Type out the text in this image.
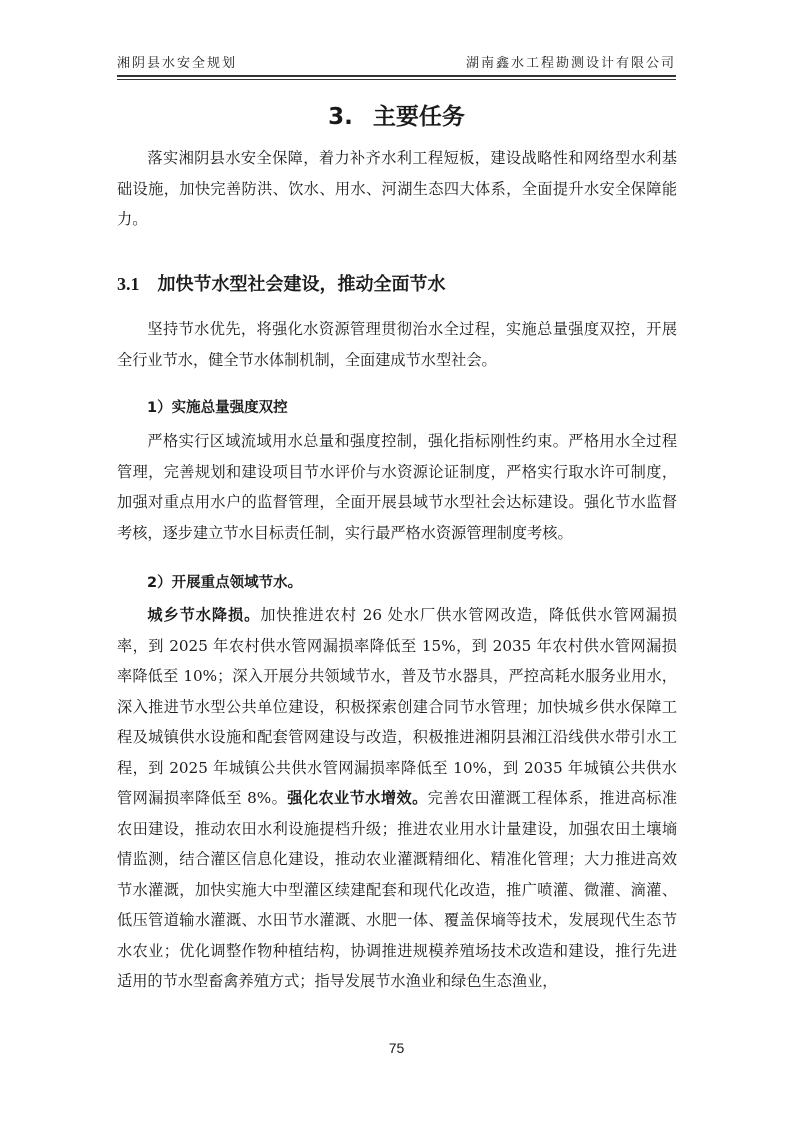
湘阴县水安全规划	湖南鑫水工程勘测设计有限公司
3. 主要任务

落实湘阴县水安全保障，着力补齐水利工程短板，建设战略性和网络型水利基础设施，加快完善防洪、饮水、用水、河湖生态四大体系，全面提升水安全保障能力。

3.1 加快节水型社会建设，推动全面节水

坚持节水优先，将强化水资源管理贯彻治水全过程，实施总量强度双控，开展全行业节水，健全节水体制机制，全面建成节水型社会。

1）实施总量强度双控

严格实行区域流域用水总量和强度控制，强化指标刚性约束。严格用水全过程管理，完善规划和建设项目节水评价与水资源论证制度，严格实行取水许可制度，加强对重点用水户的监督管理，全面开展县域节水型社会达标建设。强化节水监督考核，逐步建立节水目标责任制，实行最严格水资源管理制度考核。

2）开展重点领域节水。

城乡节水降损。加快推进农村 26 处水厂供水管网改造，降低供水管网漏损率，到 2025 年农村供水管网漏损率降低至 15%，到 2035 年农村供水管网漏损率降低至 10%；深入开展分共领域节水，普及节水器具，严控高耗水服务业用水，深入推进节水型公共单位建设，积极探索创建合同节水管理；加快城乡供水保障工程及城镇供水设施和配套管网建设与改造，积极推进湘阴县湘江沿线供水带引水工程，到 2025 年城镇公共供水管网漏损率降低至 10%，到 2035 年城镇公共供水管网漏损率降低至 8%。强化农业节水增效。完善农田灌溉工程体系，推进高标准农田建设，推动农田水利设施提档升级；推进农业用水计量建设，加强农田土壤墒情监测，结合灌区信息化建设，推动农业灌溉精细化、精准化管理；大力推进高效节水灌溉，加快实施大中型灌区续建配套和现代化改造，推广喷灌、微灌、滴灌、低压管道输水灌溉、水田节水灌溉、水肥一体、覆盖保墒等技术，发展现代生态节水农业；优化调整作物种植结构，协调推进规模养殖场技术改造和建设，推行先进适用的节水型畜禽养殖方式；指导发展节水渔业和绿色生态渔业，

75
